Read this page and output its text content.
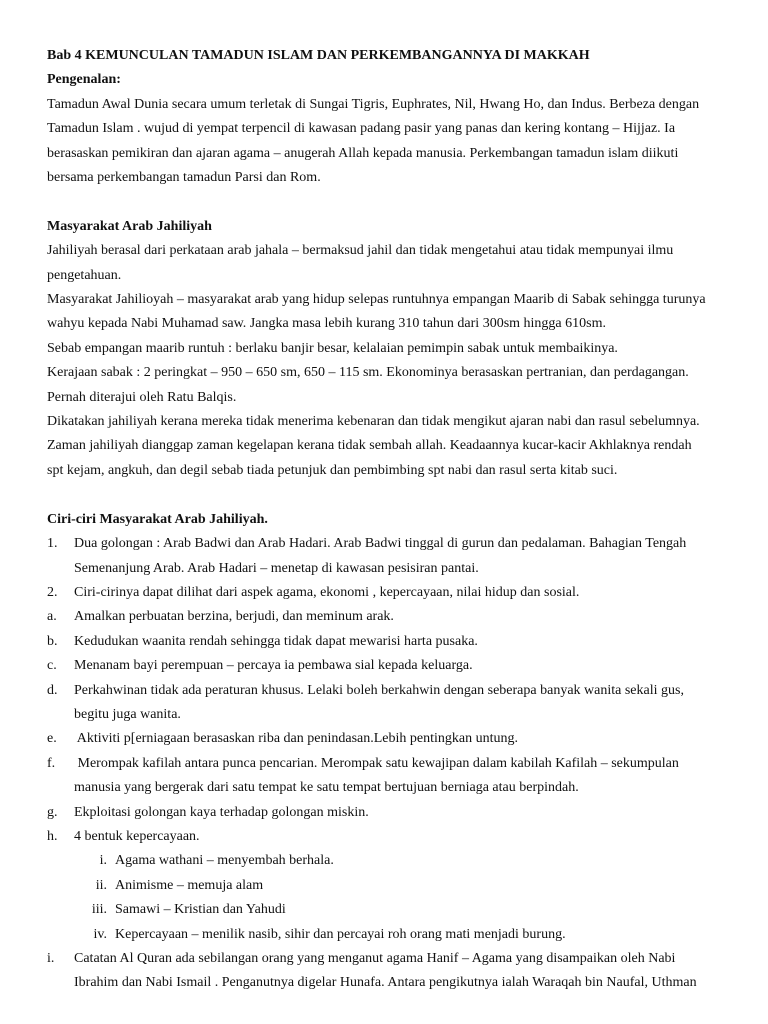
Bab 4 KEMUNCULAN TAMADUN ISLAM DAN PERKEMBANGANNYA DI MAKKAH
Pengenalan:
Tamadun Awal Dunia secara umum terletak di Sungai Tigris, Euphrates, Nil, Hwang Ho, dan Indus. Berbeza dengan
Tamadun Islam . wujud di yempat terpencil di kawasan padang pasir yang panas dan kering kontang – Hijjaz. Ia
berasaskan pemikiran dan ajaran agama – anugerah Allah kepada manusia. Perkembangan tamadun islam diikuti
bersama perkembangan tamadun Parsi dan Rom.
Masyarakat Arab Jahiliyah
Jahiliyah berasal dari perkataan arab jahala – bermaksud jahil dan tidak mengetahui atau tidak mempunyai ilmu
pengetahuan.
Masyarakat Jahilioyah – masyarakat arab yang hidup selepas runtuhnya empangan Maarib di Sabak sehingga turunya
wahyu kepada Nabi Muhamad saw. Jangka masa lebih kurang 310 tahun dari 300sm hingga 610sm.
Sebab empangan maarib runtuh : berlaku banjir besar, kelalaian pemimpin sabak untuk membaikinya.
Kerajaan sabak : 2 peringkat – 950 – 650 sm, 650 – 115 sm. Ekonominya berasaskan pertranian, dan perdagangan.
Pernah diterajui oleh Ratu Balqis.
Dikatakan jahiliyah kerana mereka tidak menerima kebenaran dan tidak mengikut ajaran nabi dan rasul sebelumnya.
Zaman jahiliyah dianggap zaman kegelapan kerana tidak sembah allah. Keadaannya kucar-kacir Akhlaknya rendah
spt kejam, angkuh, dan degil sebab tiada petunjuk dan pembimbing spt nabi dan rasul serta kitab suci.
Ciri-ciri Masyarakat Arab Jahiliyah.
1. Dua golongan : Arab Badwi dan Arab Hadari. Arab Badwi tinggal di gurun dan pedalaman. Bahagian Tengah
Semenanjung Arab. Arab Hadari – menetap di kawasan pesisiran pantai.
2. Ciri-cirinya dapat dilihat dari aspek agama, ekonomi , kepercayaan, nilai hidup dan sosial.
a. Amalkan perbuatan berzina, berjudi, dan meminum arak.
b. Kedudukan waanita rendah sehingga tidak dapat mewarisi harta pusaka.
c. Menanam bayi perempuan – percaya ia pembawa sial kepada keluarga.
d. Perkahwinan tidak ada peraturan khusus. Lelaki boleh berkahwin dengan seberapa banyak wanita sekali gus,
begitu juga wanita.
e. Aktiviti p[erniagaan berasaskan riba dan penindasan.Lebih pentingkan untung.
f. Merompak kafilah antara punca pencarian. Merompak satu kewajipan dalam kabilah Kafilah – sekumpulan
manusia yang bergerak dari satu tempat ke satu tempat bertujuan berniaga atau berpindah.
g. Ekploitasi golongan kaya terhadap golongan miskin.
h. 4 bentuk kepercayaan.
i. Agama wathani – menyembah berhala.
ii. Animisme – memuja alam
iii. Samawi – Kristian dan Yahudi
iv. Kepercayaan – menilik nasib, sihir dan percayai roh orang mati menjadi burung.
i. Catatan Al Quran ada sebilangan orang yang menganut agama Hanif – Agama yang disampaikan oleh Nabi
Ibrahim dan Nabi Ismail . Penganutnya digelar Hunafa. Antara pengikutnya ialah Waraqah bin Naufal, Uthman
